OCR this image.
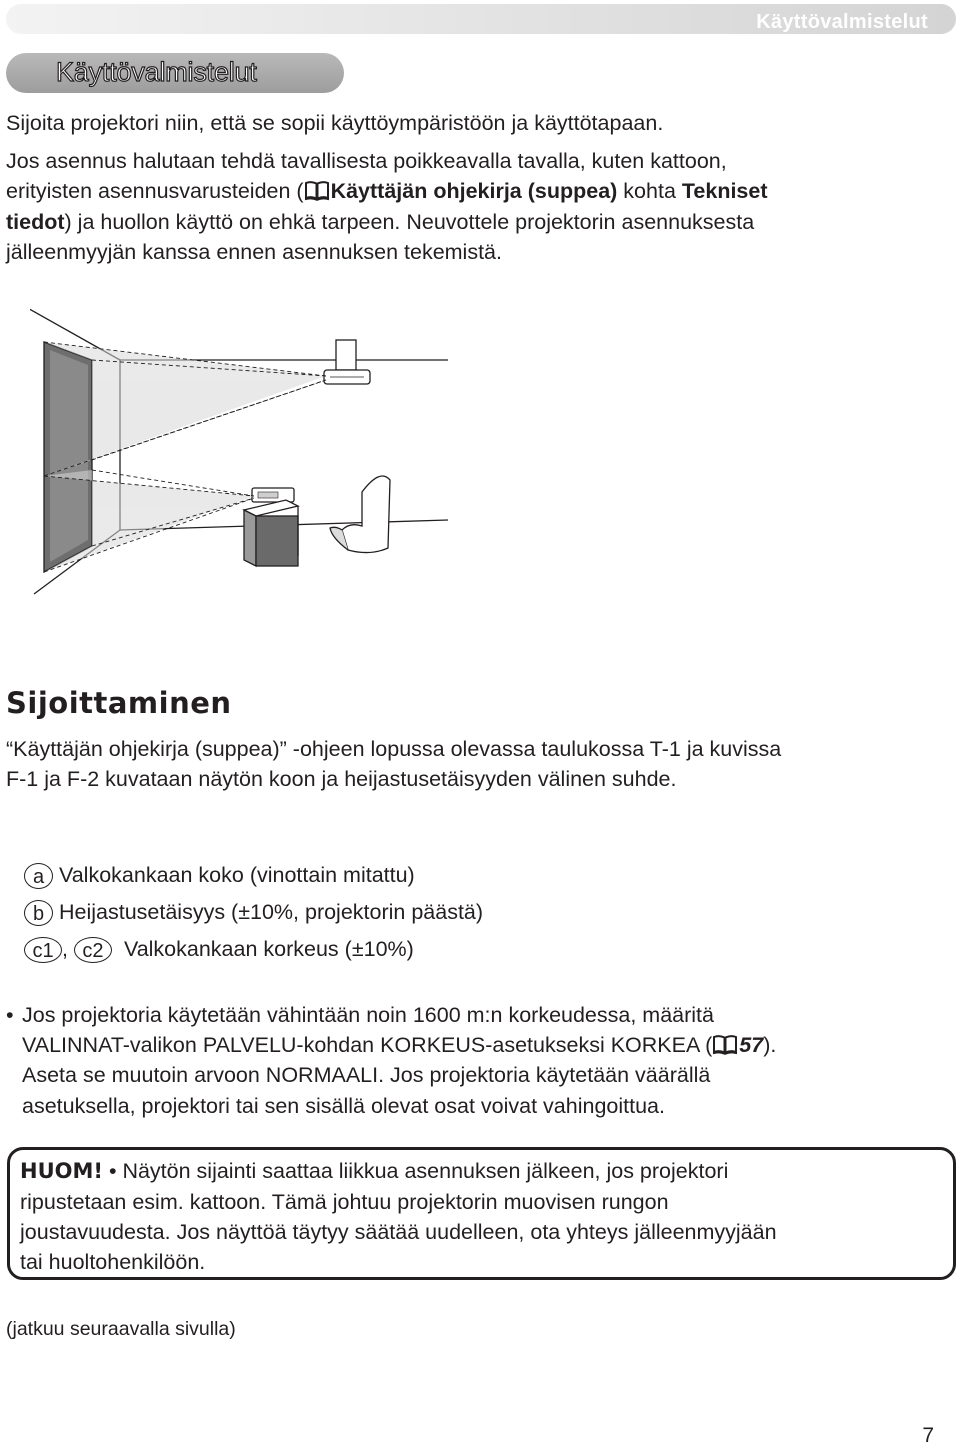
Käyttövalmistelut
Käyttövalmistelut

Sijoita projektori niin, että se sopii käyttöympäristöön ja käyttötapaan.

Jos asennus halutaan tehdä tavallisesta poikkeavalla tavalla, kuten kattoon,

erityisten asennusvarusteiden ( Käyttäjän ohjekirja (suppea) kohta Tekniset

tiedot) ja huollon käyttö on ehkä tarpeen. Neuvottele projektorin asennuksesta

jälleenmyyjän kanssa ennen asennuksen tekemistä.

Sijoittaminen

“Käyttäjän ohjekirja (suppea)” -ohjeen lopussa olevassa taulukossa T-1 ja kuvissa

F-1 ja F-2 kuvataan näytön koon ja heijastusetäisyyden välinen suhde.

a Valkokankaan koko (vinottain mitattu)
b Heijastusetäisyys (±10%, projektorin päästä)
c1 , c2 Valkokankaan korkeus (±10%)

• Jos projektoria käytetään vähintään noin 1600 m:n korkeudessa, määritä

VALINNAT-valikon PALVELU-kohdan KORKEUS-asetukseksi KORKEA ( 57).

Aseta se muutoin arvoon NORMAALI. Jos projektoria käytetään väärällä

asetuksella, projektori tai sen sisällä olevat osat voivat vahingoittua.

HUOM! • Näytön sijainti saattaa liikkua asennuksen jälkeen, jos projektori

ripustetaan esim. kattoon. Tämä johtuu projektorin muovisen rungon

joustavuudesta. Jos näyttöä täytyy säätää uudelleen, ota yhteys jälleenmyyjään

tai huoltohenkilöön.

(jatkuu seuraavalla sivulla)
7
